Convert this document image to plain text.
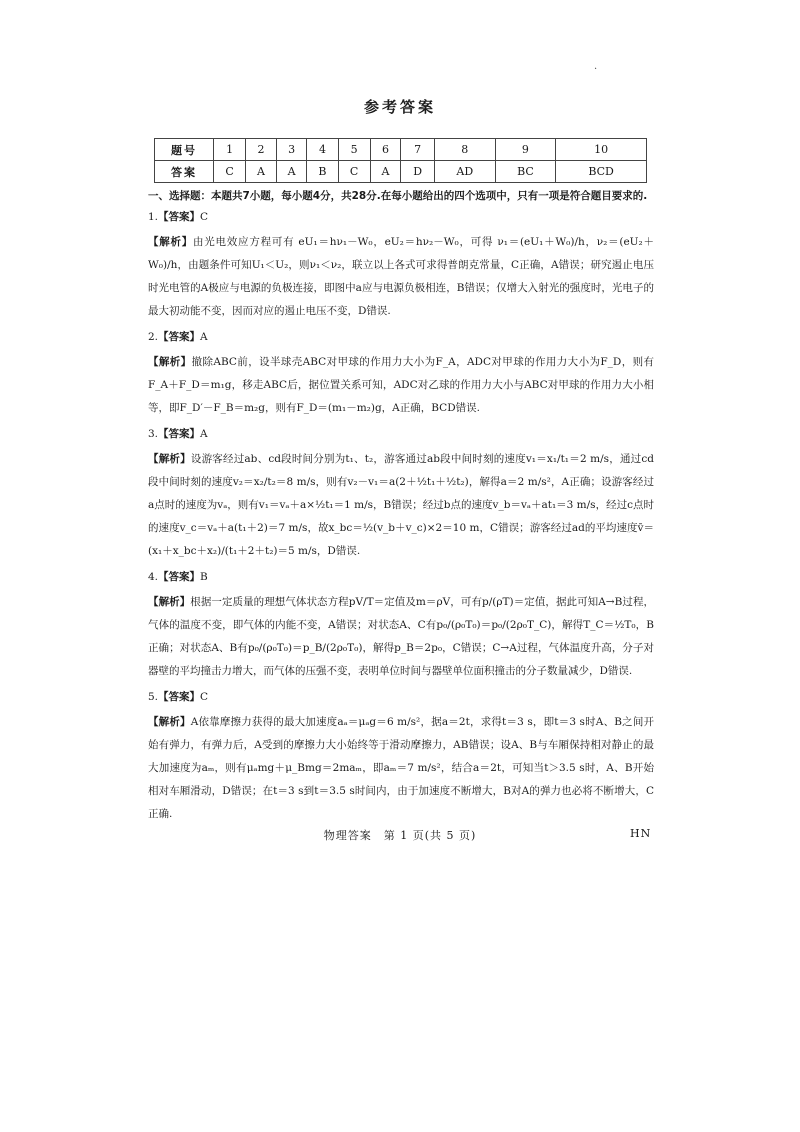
·
参考答案
题号	1	2	3	4	5	6	7	8	9	10
答案	C	A	A	B	C	A	D	AD	BC	BCD
一、选择题：本题共7小题，每小题4分，共28分.在每小题给出的四个选项中，只有一项是符合题目要求的.
1.【答案】C
【解析】由光电效应方程可有 eU₁＝hν₁－W₀，eU₂＝hν₂－W₀，可得 ν₁＝(eU₁＋W₀)/h，ν₂＝(eU₂＋W₀)/h，由题条件可知U₁＜U₂，则ν₁＜ν₂，联立以上各式可求得普朗克常量，C正确，A错误；研究遏止电压时光电管的A极应与电源的负极连接，即图中a应与电源负极相连，B错误；仅增大入射光的强度时，光电子的最大初动能不变，因而对应的遏止电压不变，D错误.
2.【答案】A
【解析】撤除ABC前，设半球壳ABC对甲球的作用力大小为F_A，ADC对甲球的作用力大小为F_D，则有F_A＋F_D＝m₁g，移走ABC后，据位置关系可知，ADC对乙球的作用力大小与ABC对甲球的作用力大小相等，即F_D′－F_B＝m₂g，则有F_D＝(m₁－m₂)g，A正确，BCD错误.
3.【答案】A
【解析】设游客经过ab、cd段时间分别为t₁、t₂，游客通过ab段中间时刻的速度v₁＝x₁/t₁＝2 m/s，通过cd段中间时刻的速度v₂＝x₂/t₂＝8 m/s，则有v₂－v₁＝a(2＋½t₁＋½t₂)，解得a＝2 m/s²，A正确；设游客经过a点时的速度为vₐ，则有v₁＝vₐ＋a×½t₁＝1 m/s，B错误；经过b点的速度v_b＝vₐ＋at₁＝3 m/s，经过c点时的速度v_c＝vₐ＋a(t₁＋2)＝7 m/s，故x_bc＝½(v_b＋v_c)×2＝10 m，C错误；游客经过ad的平均速度v̄＝(x₁＋x_bc＋x₂)/(t₁＋2＋t₂)＝5 m/s，D错误.
4.【答案】B
【解析】根据一定质量的理想气体状态方程pV/T＝定值及m＝ρV，可有p/(ρT)＝定值，据此可知A→B过程，气体的温度不变，即气体的内能不变，A错误；对状态A、C有p₀/(ρ₀T₀)＝p₀/(2ρ₀T_C)，解得T_C＝½T₀，B正确；对状态A、B有p₀/(ρ₀T₀)＝p_B/(2ρ₀T₀)，解得p_B＝2p₀，C错误；C→A过程，气体温度升高，分子对器壁的平均撞击力增大，而气体的压强不变，表明单位时间与器壁单位面积撞击的分子数量减少，D错误.
5.【答案】C
【解析】A依靠摩擦力获得的最大加速度aₐ＝μₐg＝6 m/s²，据a＝2t，求得t＝3 s，即t＝3 s时A、B之间开始有弹力，有弹力后，A受到的摩擦力大小始终等于滑动摩擦力，AB错误；设A、B与车厢保持相对静止的最大加速度为aₘ，则有μₐmg＋μ_Bmg＝2maₘ，即aₘ＝7 m/s²，结合a＝2t，可知当t＞3.5 s时，A、B开始相对车厢滑动，D错误；在t＝3 s到t＝3.5 s时间内，由于加速度不断增大，B对A的弹力也必将不断增大，C正确.
物理答案　第 1 页(共 5 页)	HN
